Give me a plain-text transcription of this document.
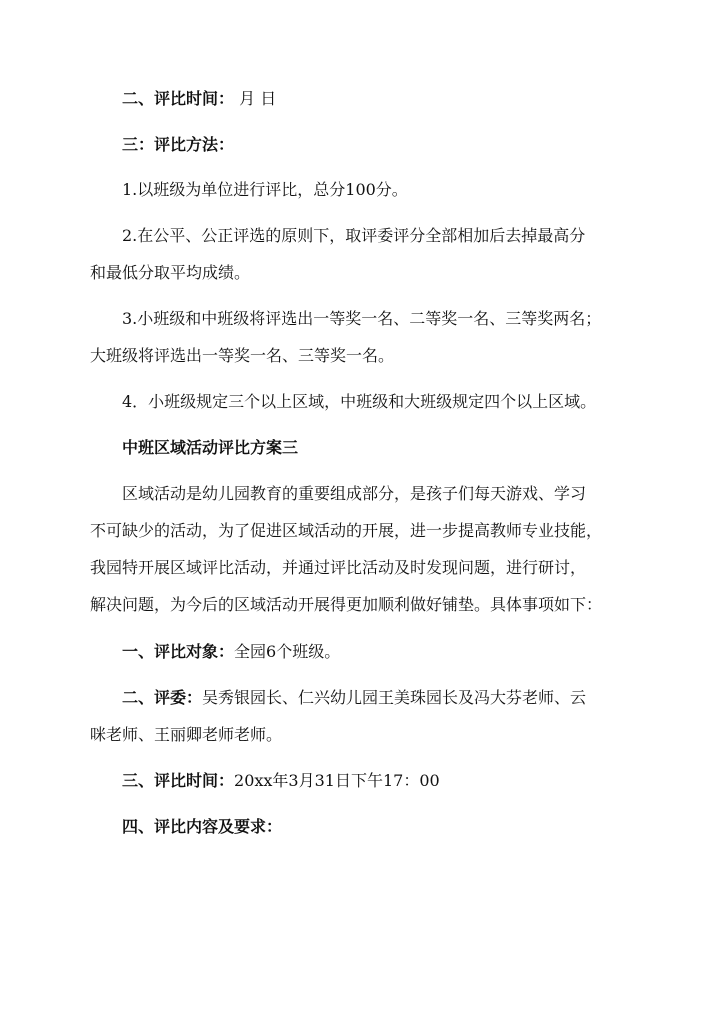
二、评比时间： 月 日
三：评比方法：
1.以班级为单位进行评比，总分100分。
2.在公平、公正评选的原则下，取评委评分全部相加后去掉最高分
和最低分取平均成绩。
3.小班级和中班级将评选出一等奖一名、二等奖一名、三等奖两名；
大班级将评选出一等奖一名、三等奖一名。
4．小班级规定三个以上区域，中班级和大班级规定四个以上区域。
中班区域活动评比方案三
区域活动是幼儿园教育的重要组成部分，是孩子们每天游戏、学习
不可缺少的活动，为了促进区域活动的开展，进一步提高教师专业技能，
我园特开展区域评比活动，并通过评比活动及时发现问题，进行研讨，
解决问题，为今后的区域活动开展得更加顺利做好铺垫。具体事项如下：
一、评比对象：全园6个班级。
二、评委：吴秀银园长、仁兴幼儿园王美珠园长及冯大芬老师、云
咪老师、王丽卿老师老师。
三、评比时间：20xx年3月31日下午17：00
四、评比内容及要求：
